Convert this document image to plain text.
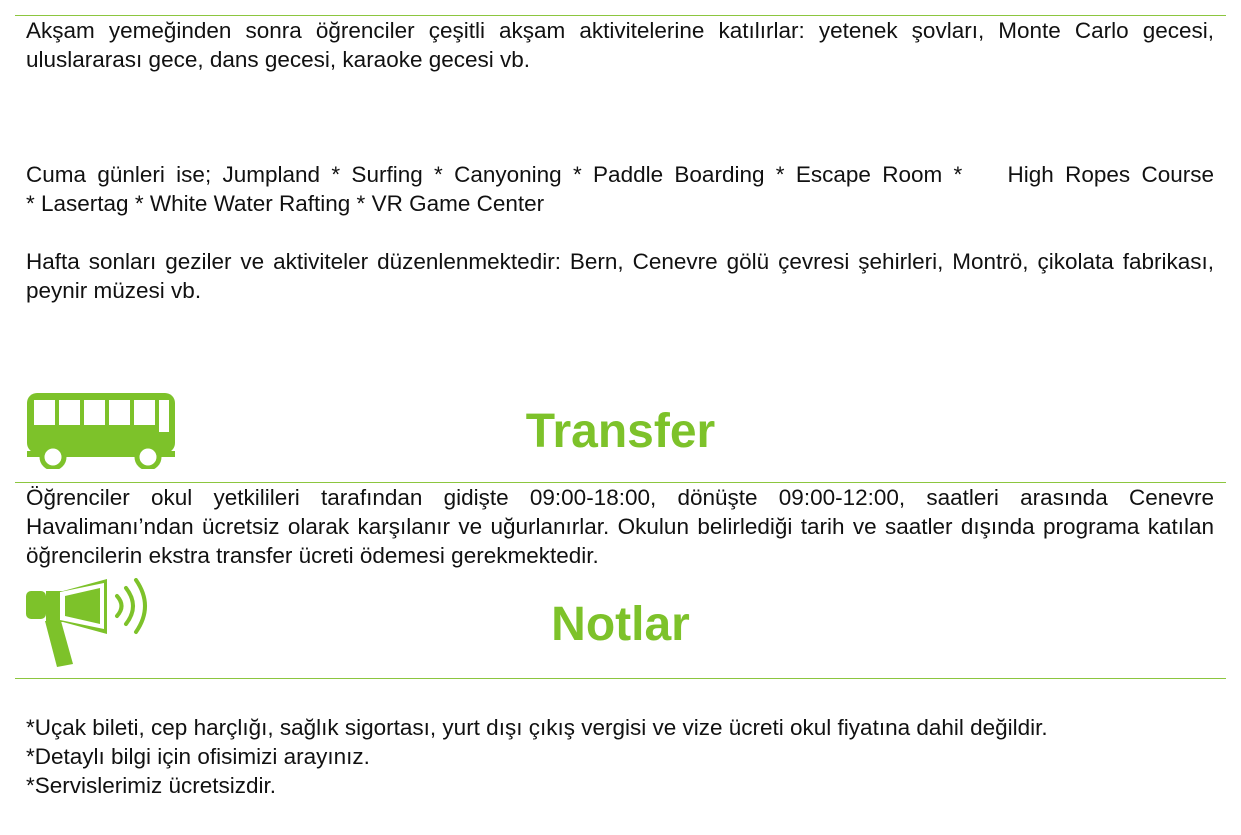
Akşam yemeğinden sonra öğrenciler çeşitli akşam aktivitelerine katılırlar: yetenek şovları, Monte Carlo gecesi, uluslararası gece, dans gecesi, karaoke gecesi vb.

Cuma günleri ise; Jumpland * Surfing * Canyoning * Paddle Boarding * Escape Room *    High Ropes Course
* Lasertag * White Water Rafting * VR Game Center

Hafta sonları geziler ve aktiviteler düzenlenmektedir: Bern, Cenevre gölü çevresi şehirleri, Montrö, çikolata fabrikası, peynir müzesi vb.

Transfer

Öğrenciler okul yetkilileri tarafından gidişte 09:00-18:00, dönüşte 09:00-12:00, saatleri arasında Cenevre Havalimanı’ndan ücretsiz olarak karşılanır ve uğurlanırlar. Okulun belirlediği tarih ve saatler dışında programa katılan öğrencilerin ekstra transfer ücreti ödemesi gerekmektedir.

Notlar
*Uçak bileti, cep harçlığı, sağlık sigortası, yurt dışı çıkış vergisi ve vize ücreti okul fiyatına dahil değildir.
*Detaylı bilgi için ofisimizi arayınız.
*Servislerimiz ücretsizdir.
